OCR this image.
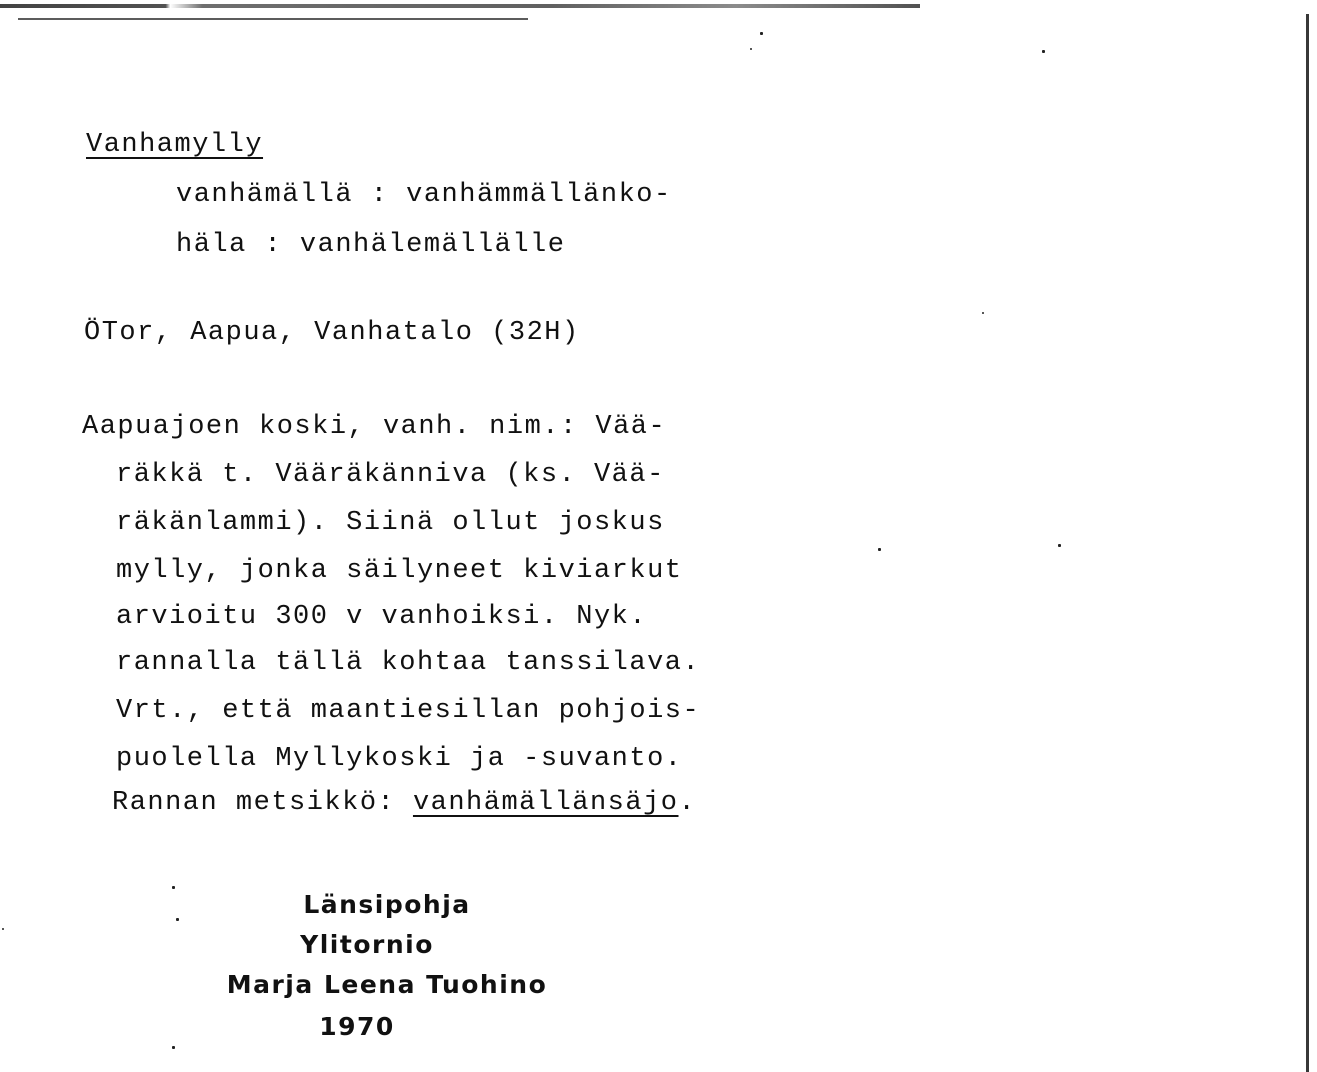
Vanhamylly
vanhämällä : vanhämmällänko-
häla : vanhälemällälle
ÖTor, Aapua, Vanhatalo (32H)
Aapuajoen koski, vanh. nim.: Vää-
räkkä t. Vääräkänniva (ks. Vää-
räkänlammi). Siinä ollut joskus
mylly, jonka säilyneet kiviarkut
arvioitu 300 v vanhoiksi. Nyk.
rannalla tällä kohtaa tanssilava.
Vrt., että maantiesillan pohjois-
puolella Myllykoski ja -suvanto.
Rannan metsikkö: vanhämällänsäjo.
Länsipohja
Ylitornio
Marja Leena Tuohino
1970
